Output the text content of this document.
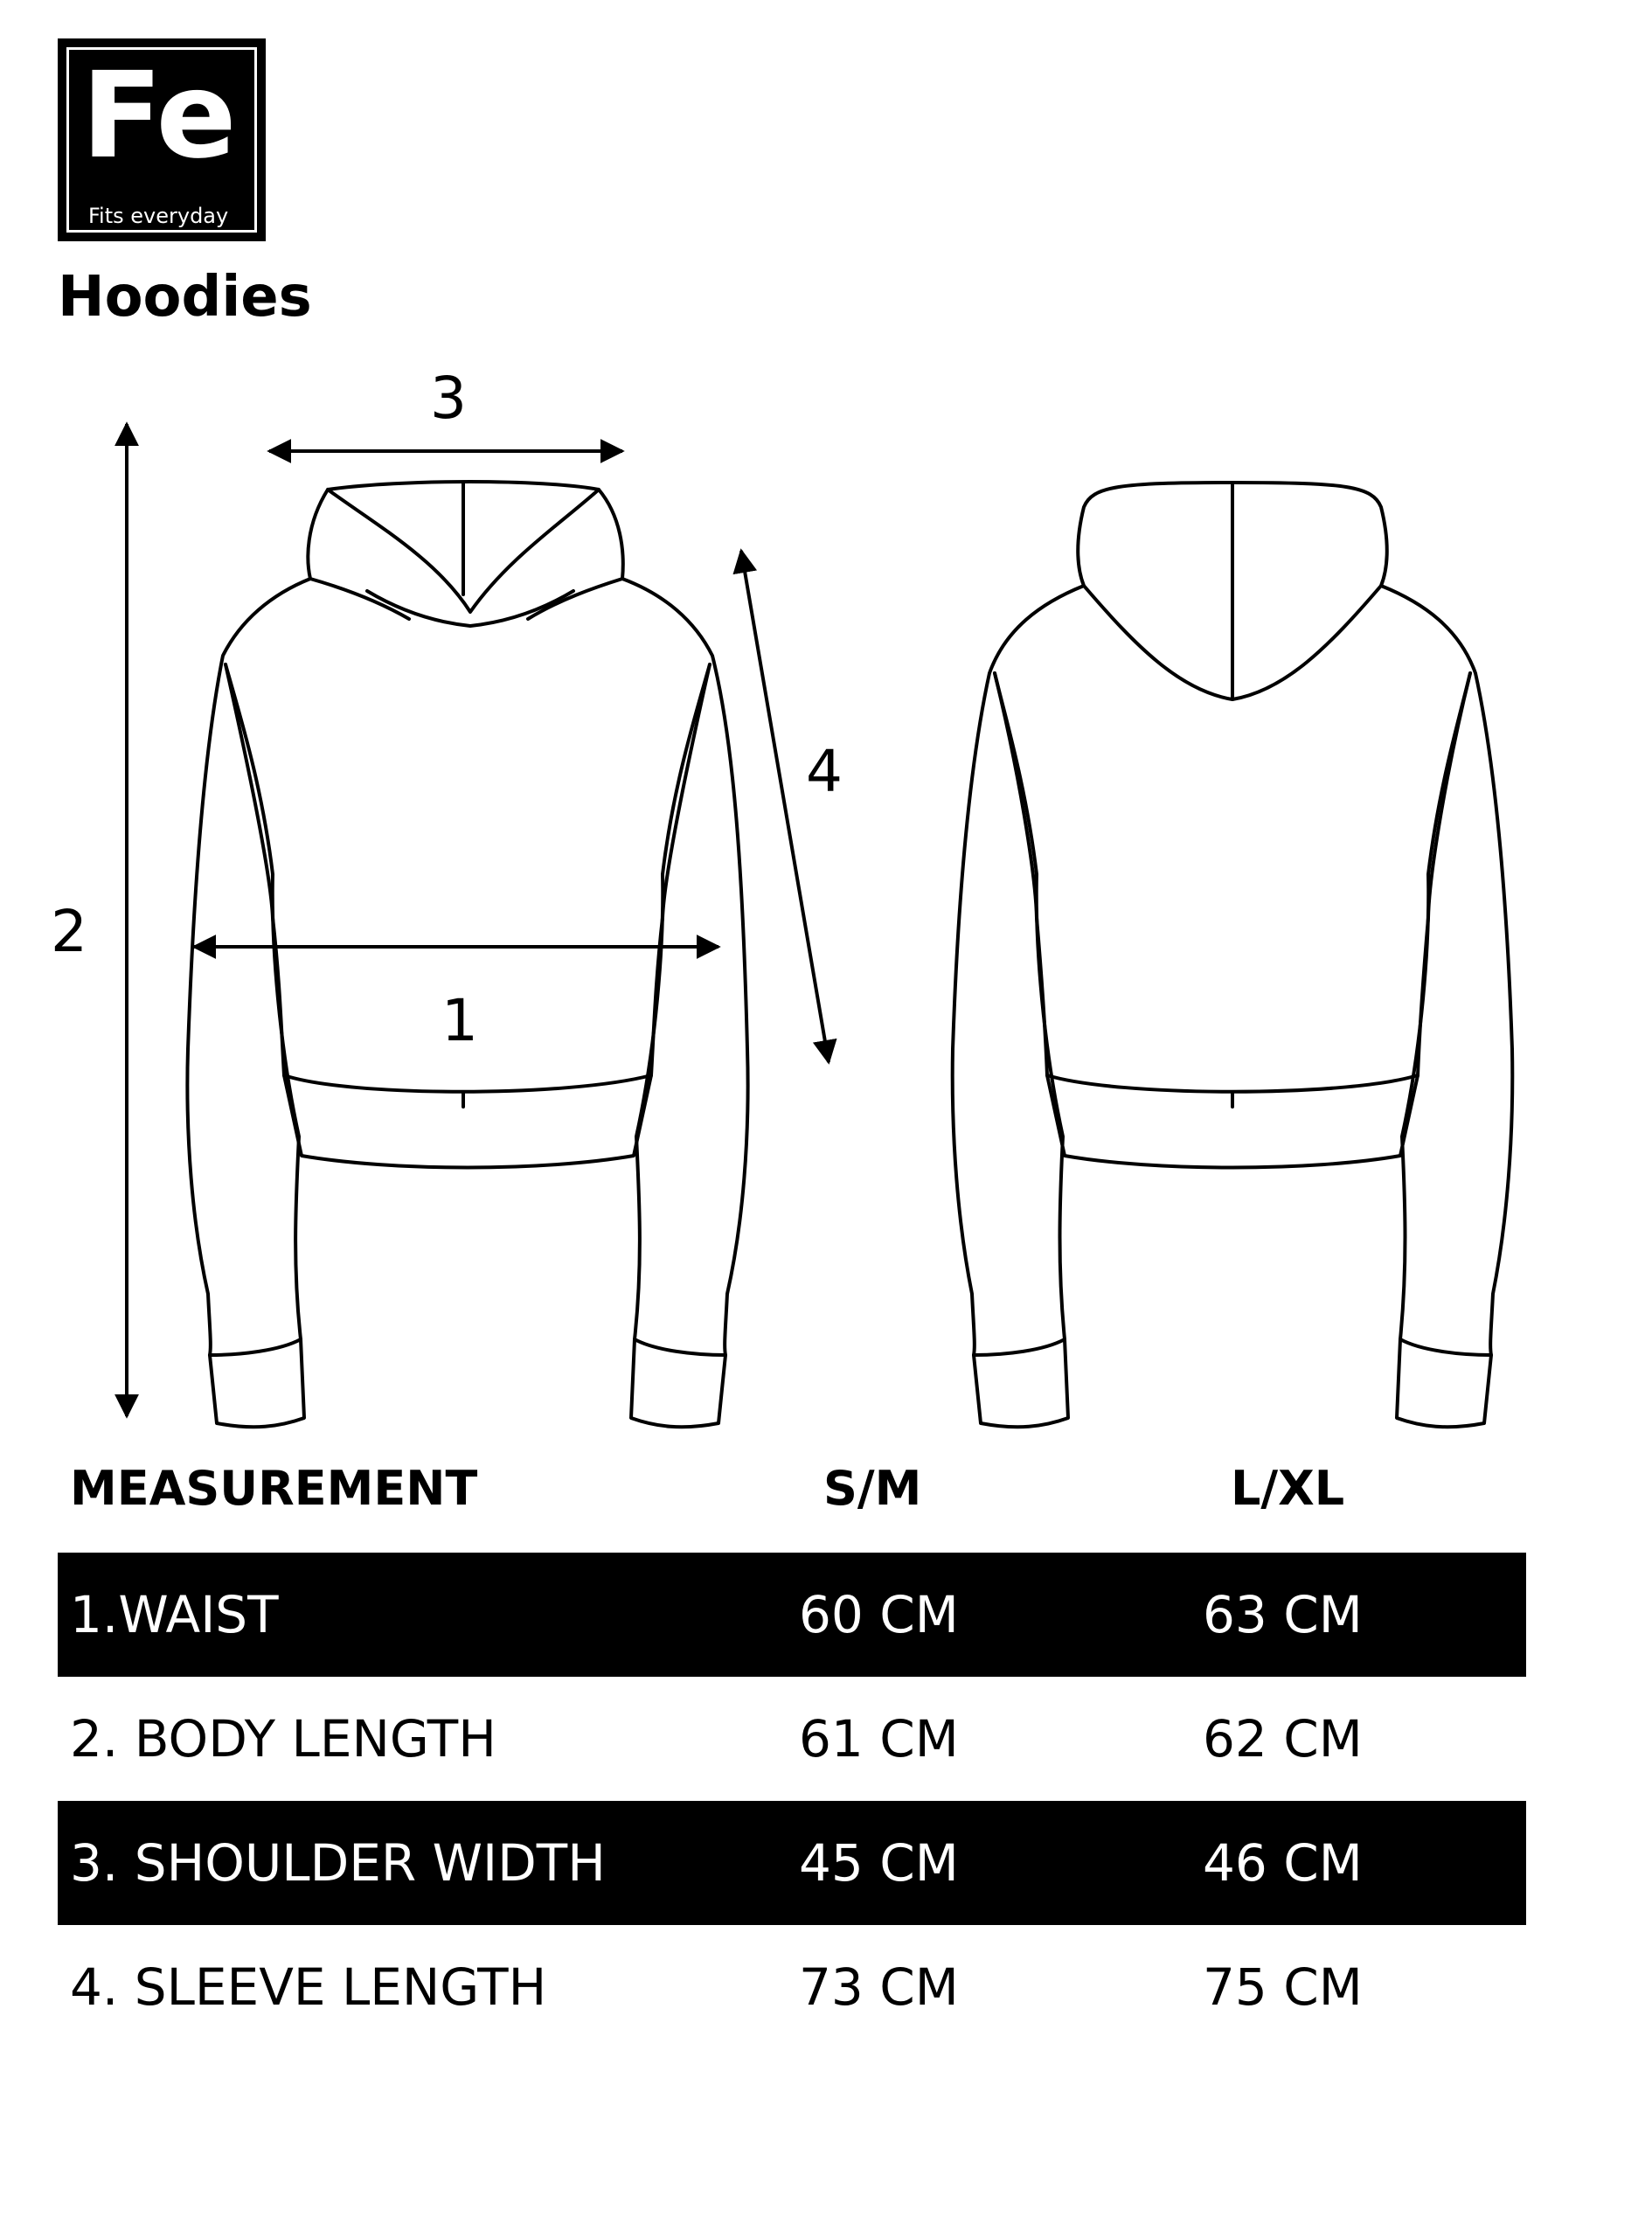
Fe
Fits everyday
Hoodies
1
2
3
4
MEASUREMENT	S/M	L/XL
1.WAIST	60 CM	63 CM
2. BODY LENGTH	61 CM	62 CM
3. SHOULDER WIDTH	45 CM	46 CM
4. SLEEVE LENGTH	73 CM	75 CM
